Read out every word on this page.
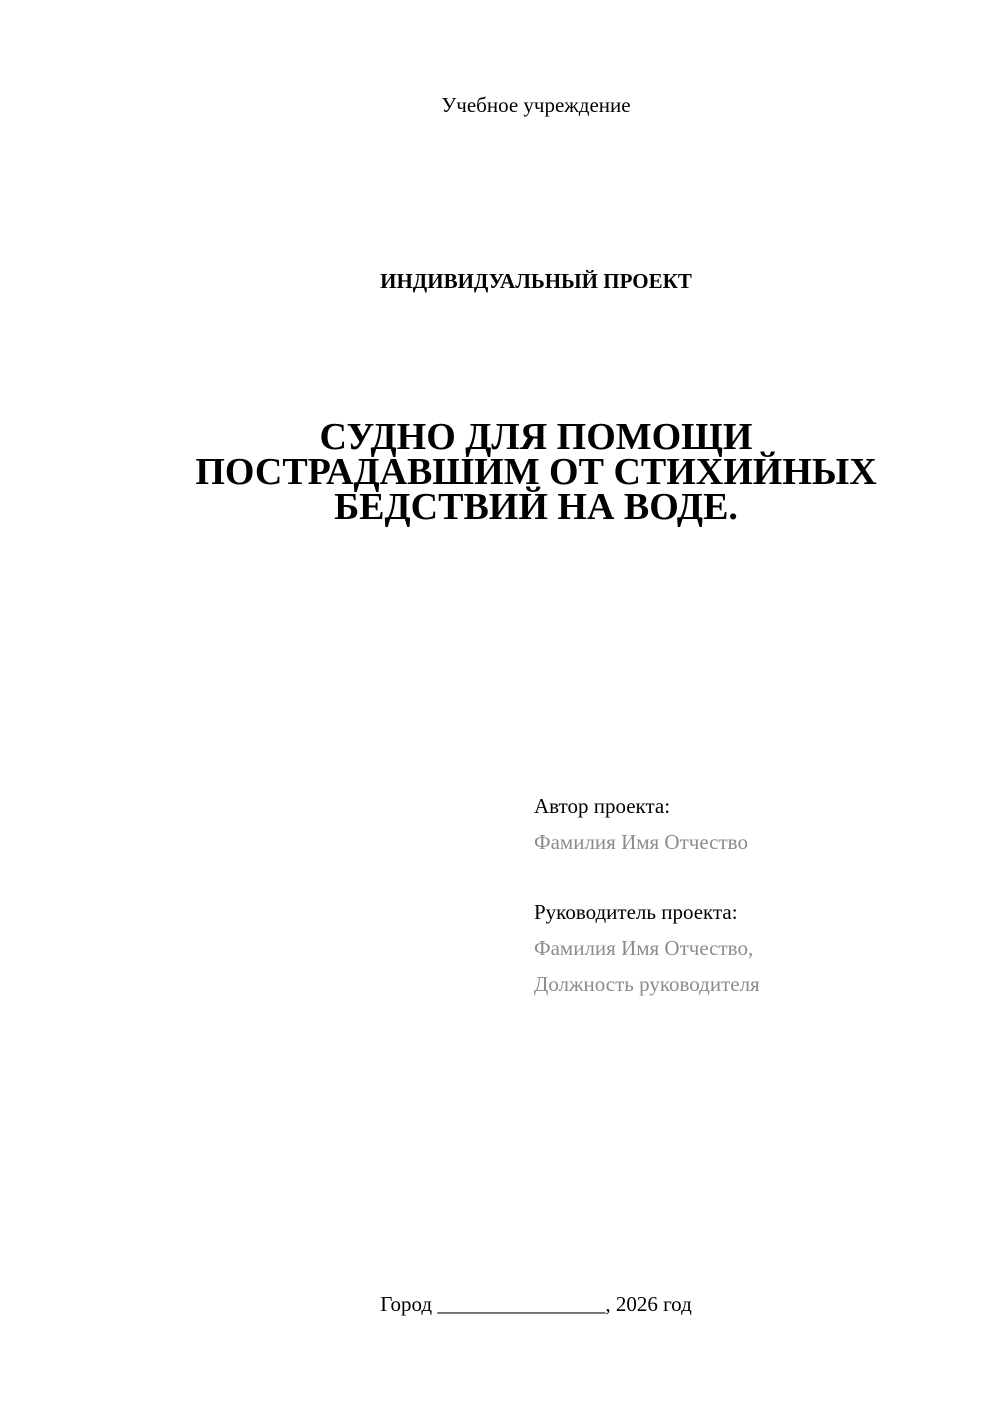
Учебное учреждение
ИНДИВИДУАЛЬНЫЙ ПРОЕКТ
СУДНО ДЛЯ ПОМОЩИ
ПОСТРАДАВШИМ ОТ СТИХИЙНЫХ
БЕДСТВИЙ НА ВОДЕ.
Автор проекта:
Фамилия Имя Отчество
Руководитель проекта:
Фамилия Имя Отчество,
Должность руководителя
Город ________________, 2026 год
